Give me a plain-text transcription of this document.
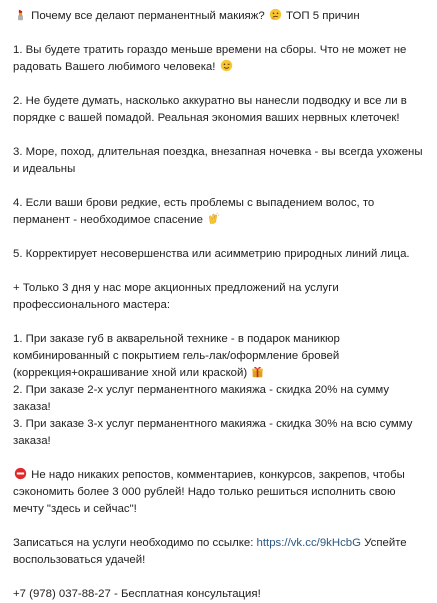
Почему все делают перманентный макияж? ТОП 5 причин

1. Вы будете тратить гораздо меньше времени на сборы. Что не может не радовать Вашего любимого человека!

2. Не будете думать, насколько аккуратно вы нанесли подводку и все ли в порядке с вашей помадой. Реальная экономия ваших нервных клеточек!

3. Море, поход, длительная поездка, внезапная ночевка - вы всегда ухожены и идеальны

4. Если ваши брови редкие, есть проблемы с выпадением волос, то перманент - необходимое спасение

5. Корректирует несовершенства или асимметрию природных линий лица.

+ Только 3 дня у нас море акционных предложений на услуги профессионального мастера:

1. При заказе губ в акварельной технике - в подарок маникюр комбинированный с покрытием гель-лак/оформление бровей (коррекция+окрашивание хной или краской)

2. При заказе 2-х услуг перманентного макияжа - скидка 20% на сумму заказа!

3. При заказе 3-х услуг перманентного макияжа - скидка 30% на всю сумму заказа!

Не надо никаких репостов, комментариев, конкурсов, закрепов, чтобы сэкономить более 3 000 рублей! Надо только решиться исполнить свою мечту "здесь и сейчас"!

Записаться на услуги необходимо по ссылке: https://vk.cc/9kHcbG Успейте воспользоваться удачей!

+7 (978) 037-88-27 - Бесплатная консультация!
